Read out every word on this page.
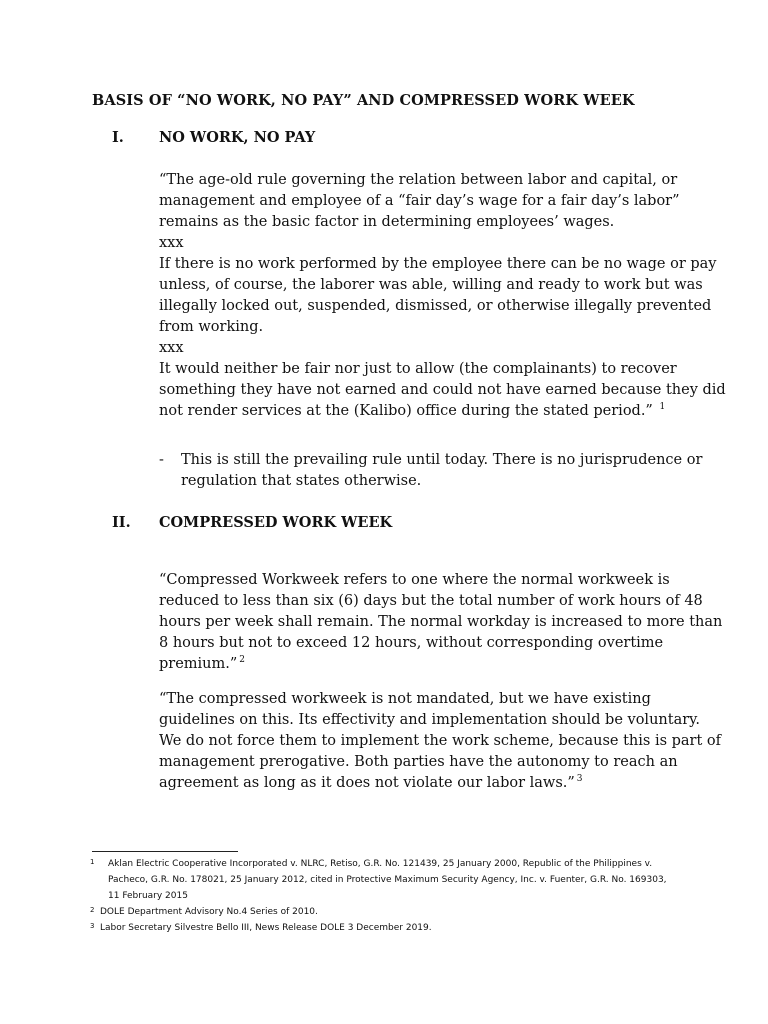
BASIS OF “NO WORK, NO PAY” AND COMPRESSED WORK WEEK
I. NO WORK, NO PAY
“The age-old rule governing the relation between labor and capital, or
management and employee of a “fair day’s wage for a fair day’s labor”
remains as the basic factor in determining employees’ wages.
xxx
If there is no work performed by the employee there can be no wage or pay
unless, of course, the laborer was able, willing and ready to work but was
illegally locked out, suspended, dismissed, or otherwise illegally prevented
from working.
xxx
It would neither be fair nor just to allow (the complainants) to recover
something they have not earned and could not have earned because they did
not render services at the (Kalibo) office during the stated period.” $^1$
- This is still the prevailing rule until today. There is no jurisprudence or
regulation that states otherwise.
II. COMPRESSED WORK WEEK
“Compressed Workweek refers to one where the normal workweek is
reduced to less than six (6) days but the total number of work hours of 48
hours per week shall remain. The normal workday is increased to more than
8 hours but not to exceed 12 hours, without corresponding overtime
premium.” $^2$
“The compressed workweek is not mandated, but we have existing
guidelines on this. Its effectivity and implementation should be voluntary.
We do not force them to implement the work scheme, because this is part of
management prerogative. Both parties have the autonomy to reach an
agreement as long as it does not violate our labor laws.” $^3$
1 Aklan Electric Cooperative Incorporated v. NLRC, Retiso, G.R. No. 121439, 25 January 2000, Republic of the Philippines v.
Pacheco, G.R. No. 178021, 25 January 2012, cited in Protective Maximum Security Agency, Inc. v. Fuenter, G.R. No. 169303,
11 February 2015
2 DOLE Department Advisory No.4 Series of 2010.
3 Labor Secretary Silvestre Bello III, News Release DOLE 3 December 2019.
